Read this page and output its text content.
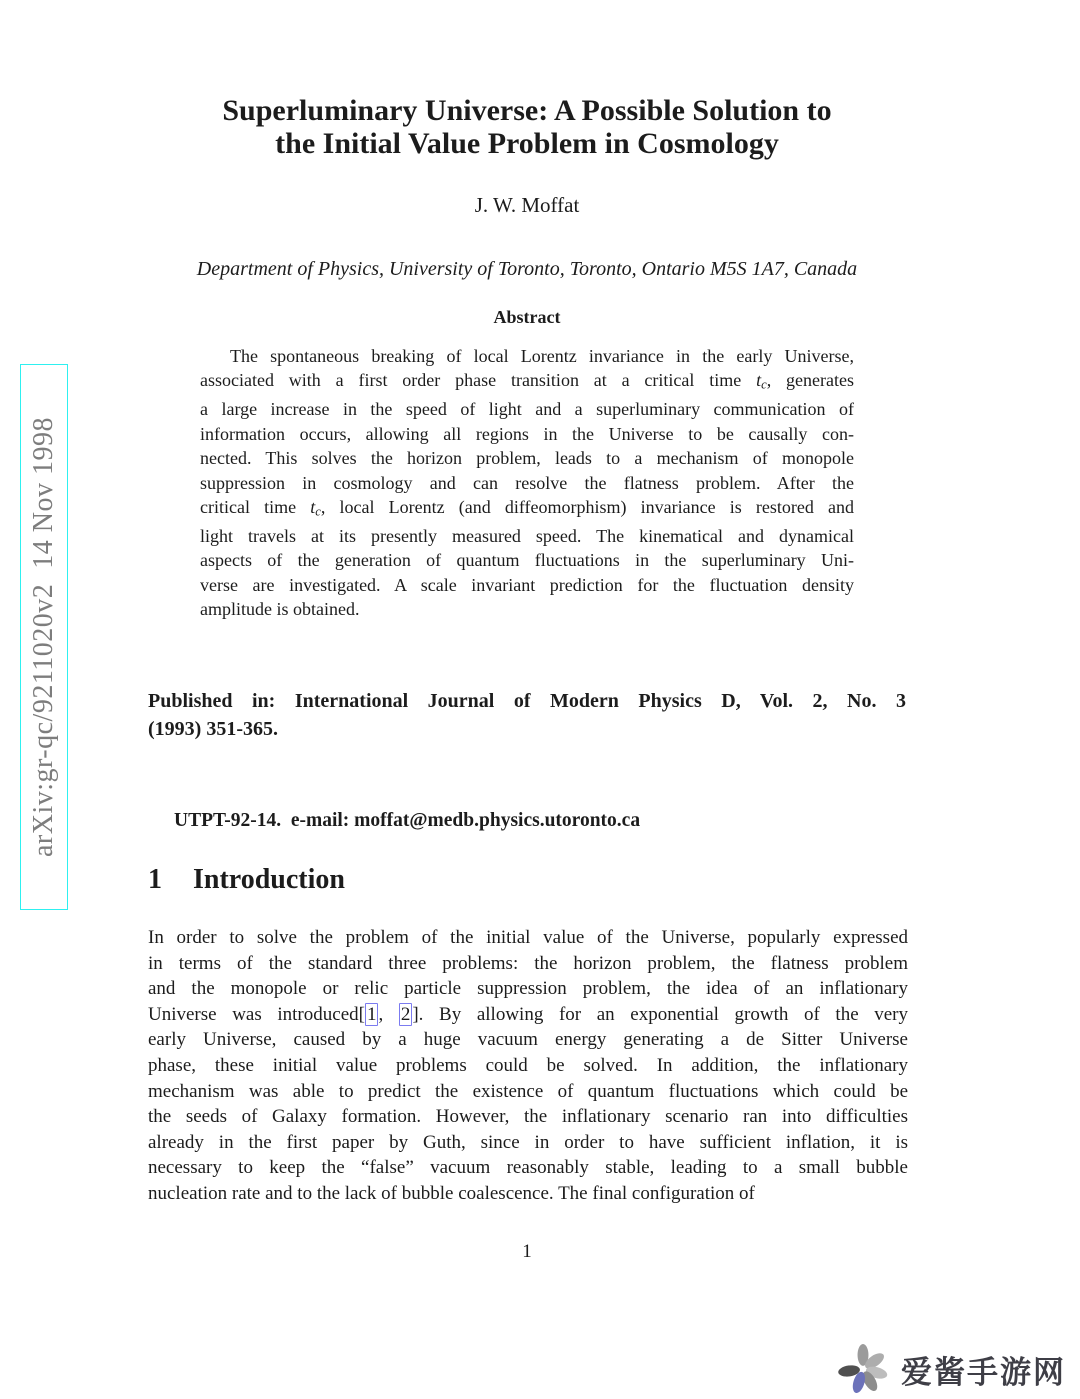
arXiv:gr-qc/9211020v2  14 Nov 1998
Superluminary Universe: A Possible Solution to
the Initial Value Problem in Cosmology
J. W. Moffat
Department of Physics, University of Toronto, Toronto, Ontario M5S 1A7, Canada
Abstract
The spontaneous breaking of local Lorentz invariance in the early Universe,
associated with a first order phase transition at a critical time tc, generates
a large increase in the speed of light and a superluminary communication of
information occurs, allowing all regions in the Universe to be causally con-
nected. This solves the horizon problem, leads to a mechanism of monopole
suppression in cosmology and can resolve the flatness problem. After the
critical time tc, local Lorentz (and diffeomorphism) invariance is restored and
light travels at its presently measured speed. The kinematical and dynamical
aspects of the generation of quantum fluctuations in the superluminary Uni-
verse are investigated. A scale invariant prediction for the fluctuation density
amplitude is obtained.
Published in: International Journal of Modern Physics D, Vol. 2, No. 3
(1993) 351-365.
UTPT-92-14.  e-mail: moffat@medb.physics.utoronto.ca
1 Introduction
In order to solve the problem of the initial value of the Universe, popularly expressed
in terms of the standard three problems: the horizon problem, the flatness problem
and the monopole or relic particle suppression problem, the idea of an inflationary
Universe was introduced[ 1 , 2 ]. By allowing for an exponential growth of the very
early Universe, caused by a huge vacuum energy generating a de Sitter Universe
phase, these initial value problems could be solved. In addition, the inflationary
mechanism was able to predict the existence of quantum fluctuations which could be
the seeds of Galaxy formation. However, the inflationary scenario ran into difficulties
already in the first paper by Guth, since in order to have sufficient inflation, it is
necessary to keep the “false” vacuum reasonably stable, leading to a small bubble
nucleation rate and to the lack of bubble coalescence. The final configuration of
1
爱酱手游网
